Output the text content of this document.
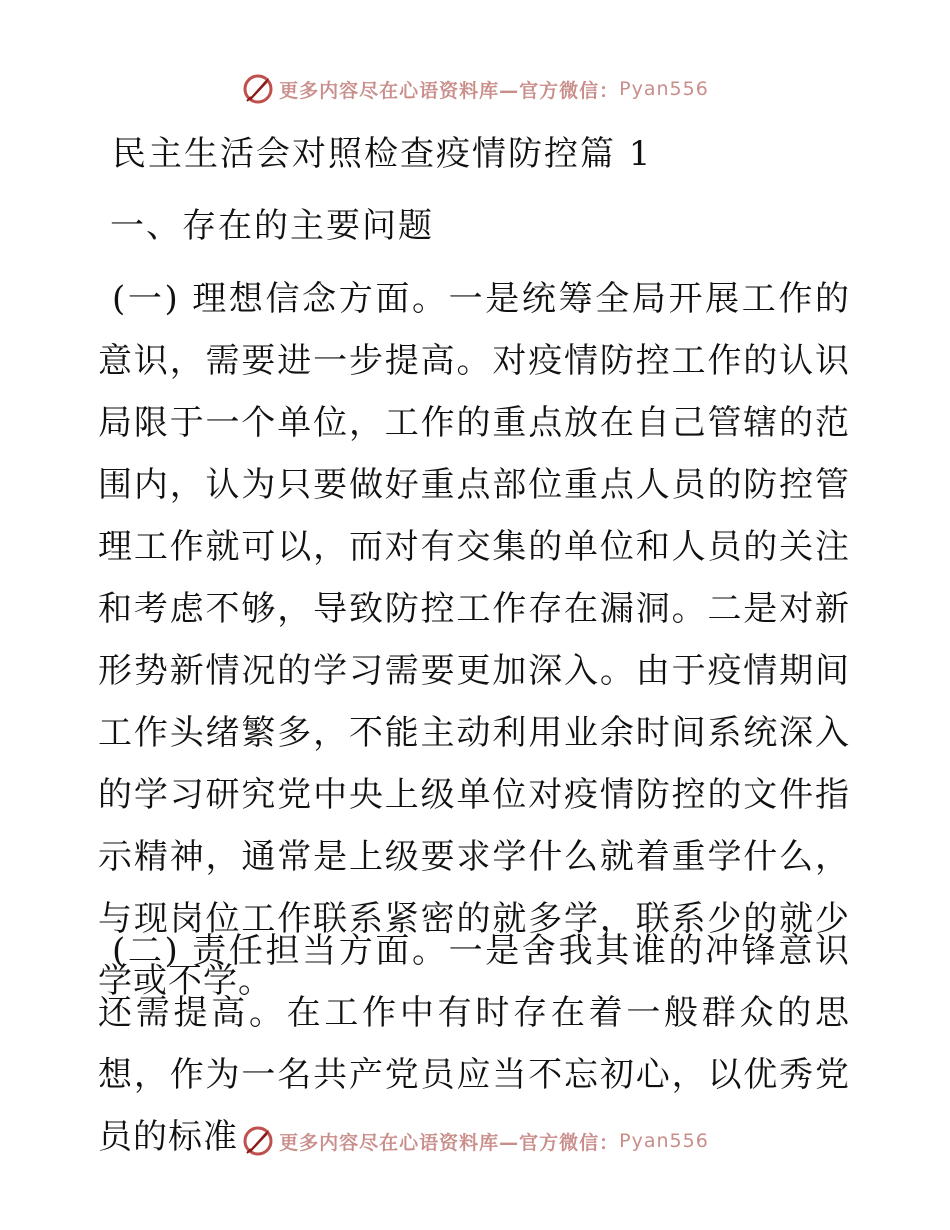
更多内容尽在心语资料库—官方微信： Pyan556
民主生活会对照检查疫情防控篇 1
一、存在的主要问题
(一) 理想信念方面。一是统筹全局开展工作的意识，需要进一步提高。对疫情防控工作的认识局限于一个单位，工作的重点放在自己管辖的范围内，认为只要做好重点部位重点人员的防控管理工作就可以，而对有交集的单位和人员的关注和考虑不够，导致防控工作存在漏洞。二是对新形势新情况的学习需要更加深入。由于疫情期间工作头绪繁多，不能主动利用业余时间系统深入的学习研究党中央上级单位对疫情防控的文件指示精神，通常是上级要求学什么就着重学什么，与现岗位工作联系紧密的就多学，联系少的就少学或不学。
(二) 责任担当方面。一是舍我其谁的冲锋意识还需提高。在工作中有时存在着一般群众的思想，作为一名共产党员应当不忘初心，以优秀党员的标准	更多内容尽在心语资料库—官方微信： Pyan556
